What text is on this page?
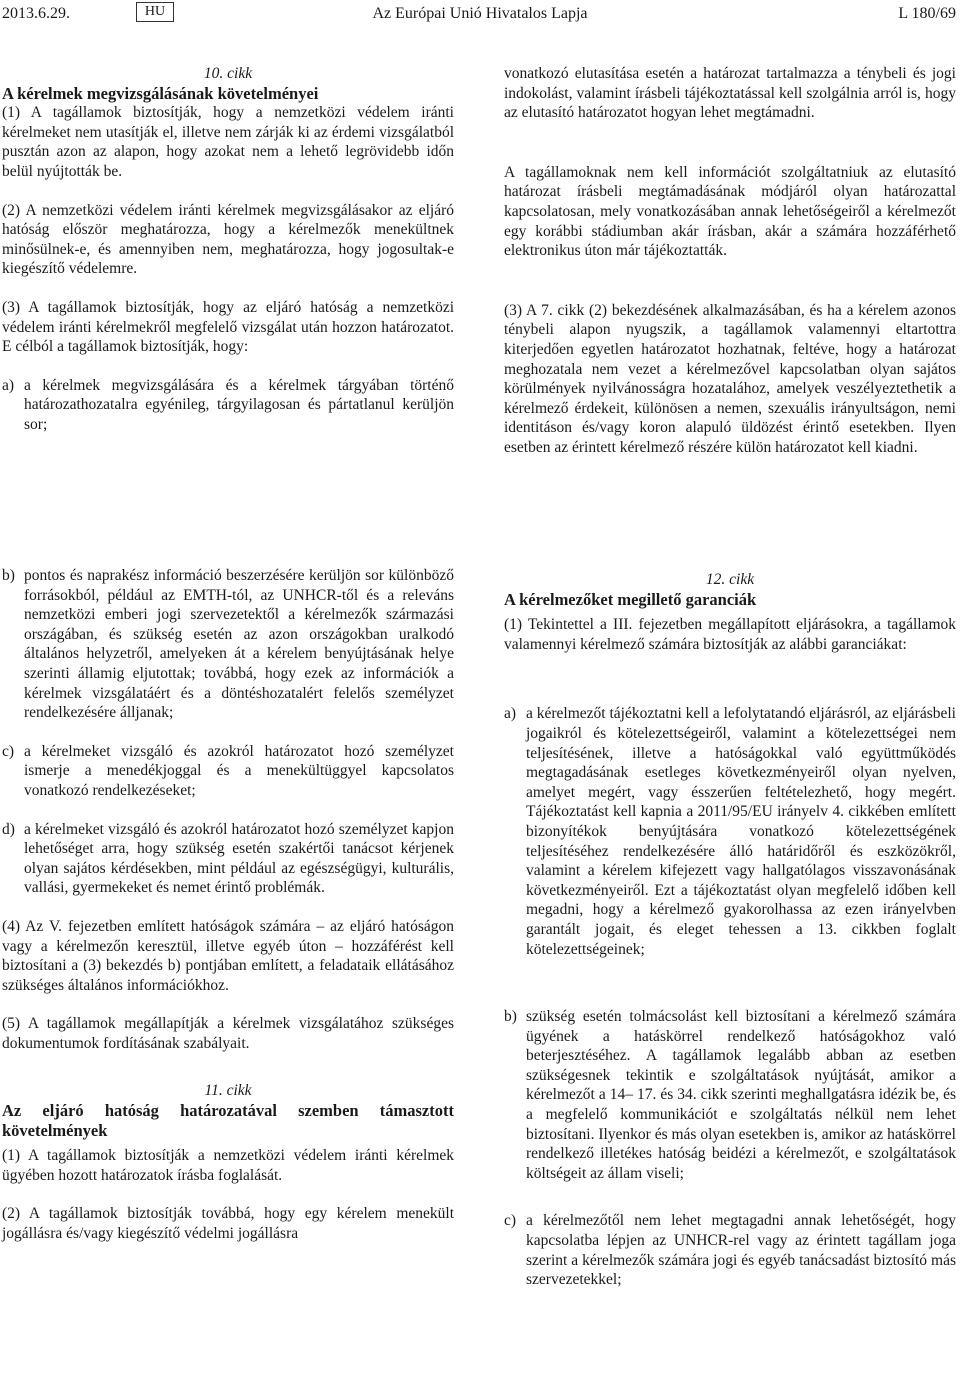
2013.6.29.	HU	Az Európai Unió Hivatalos Lapja	L 180/69

10. cikk

A kérelmek megvizsgálásának követelményei

(1) A tagállamok biztosítják, hogy a nemzetközi védelem iránti kérelmeket nem utasítják el, illetve nem zárják ki az érdemi vizsgálatból pusztán azon az alapon, hogy azokat nem a lehető legrövidebb időn belül nyújtották be.

(2) A nemzetközi védelem iránti kérelmek megvizsgálásakor az eljáró hatóság először meghatározza, hogy a kérelmezők menekültnek minősülnek-e, és amennyiben nem, meghatározza, hogy jogosultak-e kiegészítő védelemre.

(3) A tagállamok biztosítják, hogy az eljáró hatóság a nemzetközi védelem iránti kérelmekről megfelelő vizsgálat után hozzon határozatot. E célból a tagállamok biztosítják, hogy:

a) a kérelmek megvizsgálására és a kérelmek tárgyában történő határozathozatalra egyénileg, tárgyilagosan és pártatlanul kerüljön sor;

vonatkozó elutasítása esetén a határozat tartalmazza a ténybeli és jogi indokolást, valamint írásbeli tájékoztatással kell szolgálnia arról is, hogy az elutasító határozatot hogyan lehet megtámadni.

A tagállamoknak nem kell információt szolgáltatniuk az elutasító határozat írásbeli megtámadásának módjáról olyan határozattal kapcsolatosan, mely vonatkozásában annak lehetőségeiről a kérelmezőt egy korábbi stádiumban akár írásban, akár a számára hozzáférhető elektronikus úton már tájékoztatták.

(3) A 7. cikk (2) bekezdésének alkalmazásában, és ha a kérelem azonos ténybeli alapon nyugszik, a tagállamok valamennyi eltartottra kiterjedően egyetlen határozatot hozhatnak, feltéve, hogy a határozat meghozatala nem vezet a kérelmezővel kapcsolatban olyan sajátos körülmények nyilvánosságra hozatalához, amelyek veszélyeztethetik a kérelmező érdekeit, különösen a nemen, szexuális irányultságon, nemi identitáson és/vagy koron alapuló üldözést érintő esetekben. Ilyen esetben az érintett kérelmező részére külön határozatot kell kiadni.

b) pontos és naprakész információ beszerzésére kerüljön sor különböző forrásokból, például az EMTH-tól, az UNHCR-től és a releváns nemzetközi emberi jogi szervezetektől a kérelmezők származási országában, és szükség esetén az azon országokban uralkodó általános helyzetről, amelyeken át a kérelem benyújtásának helye szerinti államig eljutottak; továbbá, hogy ezek az információk a kérelmek vizsgálatáért és a döntéshozatalért felelős személyzet rendelkezésére álljanak;
c) a kérelmeket vizsgáló és azokról határozatot hozó személyzet ismerje a menedékjoggal és a menekültüggyel kapcsolatos vonatkozó rendelkezéseket;
d) a kérelmeket vizsgáló és azokról határozatot hozó személyzet kapjon lehetőséget arra, hogy szükség esetén szakértői tanácsot kérjenek olyan sajátos kérdésekben, mint például az egészségügyi, kulturális, vallási, gyermekeket és nemet érintő problémák.

(4) Az V. fejezetben említett hatóságok számára – az eljáró hatóságon vagy a kérelmezőn keresztül, illetve egyéb úton – hozzáférést kell biztosítani a (3) bekezdés b) pontjában említett, a feladataik ellátásához szükséges általános információkhoz.

(5) A tagállamok megállapítják a kérelmek vizsgálatához szükséges dokumentumok fordításának szabályait.

11. cikk

Az eljáró hatóság határozatával szemben támasztott követelmények

(1) A tagállamok biztosítják a nemzetközi védelem iránti kérelmek ügyében hozott határozatok írásba foglalását.

(2) A tagállamok biztosítják továbbá, hogy egy kérelem menekült jogállásra és/vagy kiegészítő védelmi jogállásra

12. cikk

A kérelmezőket megillető garanciák

(1) Tekintettel a III. fejezetben megállapított eljárásokra, a tagállamok valamennyi kérelmező számára biztosítják az alábbi garanciákat:

a) a kérelmezőt tájékoztatni kell a lefolytatandó eljárásról, az eljárásbeli jogaikról és kötelezettségeiről, valamint a kötelezettségei nem teljesítésének, illetve a hatóságokkal való együttműködés megtagadásának esetleges következményeiről olyan nyelven, amelyet megért, vagy ésszerűen feltételezhető, hogy megért. Tájékoztatást kell kapnia a 2011/95/EU irányelv 4. cikkében említett bizonyítékok benyújtására vonatkozó kötelezettségének teljesítéséhez rendelkezésére álló határidőről és eszközökről, valamint a kérelem kifejezett vagy hallgatólagos visszavonásának következményeiről. Ezt a tájékoztatást olyan megfelelő időben kell megadni, hogy a kérelmező gyakorolhassa az ezen irányelvben garantált jogait, és eleget tehessen a 13. cikkben foglalt kötelezettségeinek;
b) szükség esetén tolmácsolást kell biztosítani a kérelmező számára ügyének a hatáskörrel rendelkező hatóságokhoz való beterjesztéséhez. A tagállamok legalább abban az esetben szükségesnek tekintik e szolgáltatások nyújtását, amikor a kérelmezőt a 14– 17. és 34. cikk szerinti meghallgatásra idézik be, és a megfelelő kommunikációt e szolgáltatás nélkül nem lehet biztosítani. Ilyenkor és más olyan esetekben is, amikor az hatáskörrel rendelkező illetékes hatóság beidézi a kérelmezőt, e szolgáltatások költségeit az állam viseli;
c) a kérelmezőtől nem lehet megtagadni annak lehetőségét, hogy kapcsolatba lépjen az UNHCR-rel vagy az érintett tagállam joga szerint a kérelmezők számára jogi és egyéb tanácsadást biztosító más szervezetekkel;
